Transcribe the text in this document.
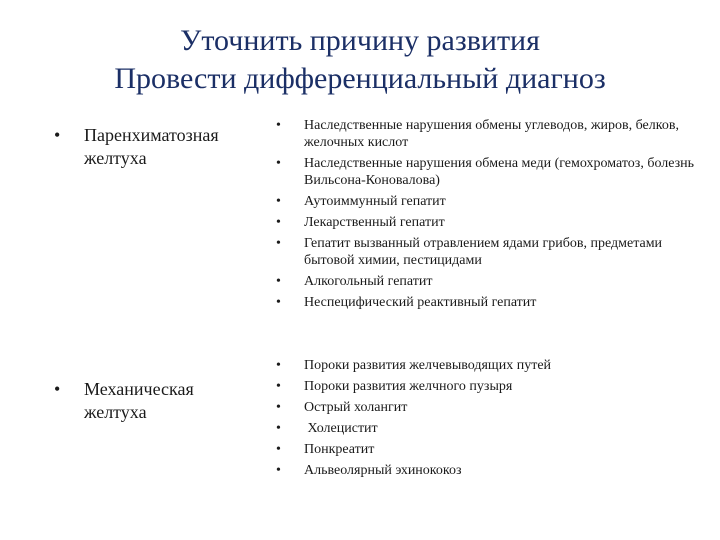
Уточнить причину развития
Провести дифференциальный диагноз
•	Паренхиматозная
желтуха
•	Наследственные нарушения обмены углеводов, жиров, белков, желочных кислот
•	Наследственные нарушения обмена меди (гемохроматоз, болезнь Вильсона-Коновалова)
•	Аутоиммунный гепатит
•	Лекарственный гепатит
•	Гепатит вызванный отравлением ядами грибов, предметами бытовой химии, пестицидами
•	Алкогольный гепатит
•	Неспецифический реактивный гепатит
•	Механическая
желтуха
•	Пороки развития желчевыводящих путей
•	Пороки развития желчного пузыря
•	Острый холангит
•	Холецистит
•	Понкреатит
•	Альвеолярный эхинококоз
